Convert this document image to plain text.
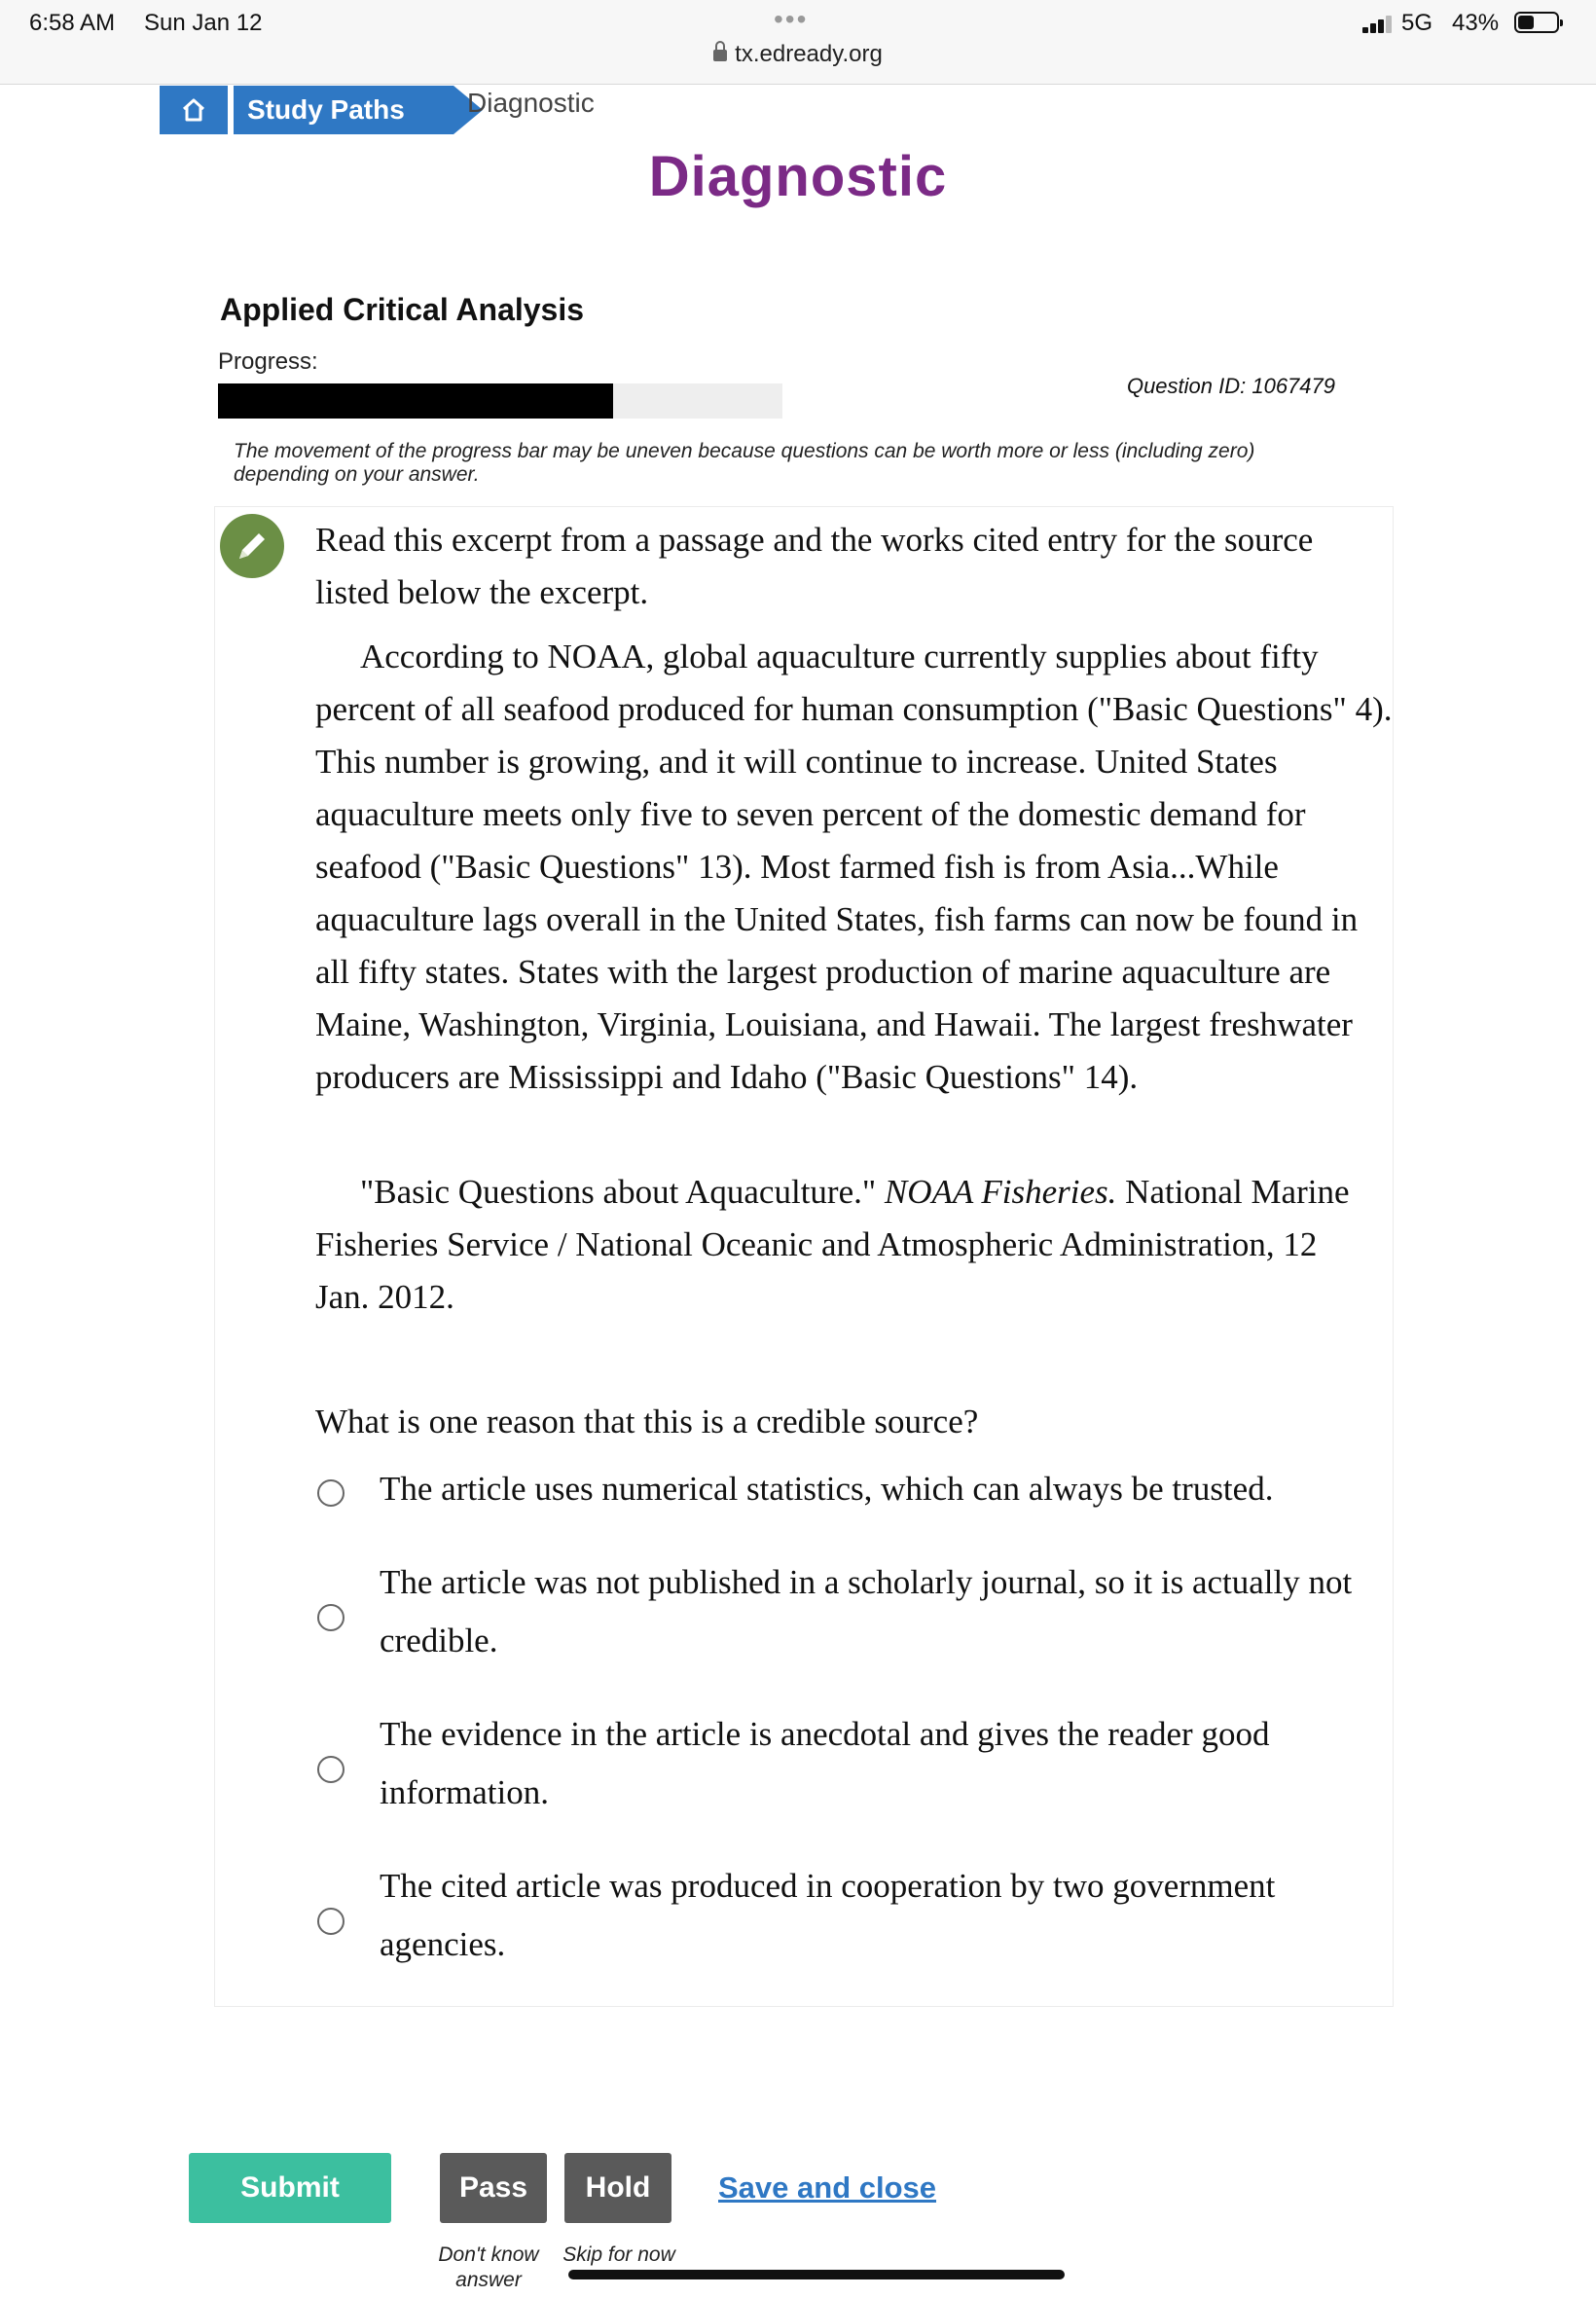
6:58 AM Sun Jan 12	•••
tx.edready.org
5G 43%
Study Paths	Diagnostic
Diagnostic
Applied Critical Analysis
Progress:
Question ID: 1067479
The movement of the progress bar may be uneven because questions can be worth more or less (including zero) depending on your answer.
Read this excerpt from a passage and the works cited entry for the source listed below the excerpt.
According to NOAA, global aquaculture currently supplies about fifty percent of all seafood produced for human consumption ("Basic Questions" 4). This number is growing, and it will continue to increase. United States aquaculture meets only five to seven percent of the domestic demand for seafood ("Basic Questions" 13). Most farmed fish is from Asia...While aquaculture lags overall in the United States, fish farms can now be found in all fifty states. States with the largest production of marine aquaculture are Maine, Washington, Virginia, Louisiana, and Hawaii. The largest freshwater producers are Mississippi and Idaho ("Basic Questions" 14).
"Basic Questions about Aquaculture." NOAA Fisheries. National Marine Fisheries Service / National Oceanic and Atmospheric Administration, 12 Jan. 2012.
What is one reason that this is a credible source?
The article uses numerical statistics, which can always be trusted.
The article was not published in a scholarly journal, so it is actually not credible.
The evidence in the article is anecdotal and gives the reader good information.
The cited article was produced in cooperation by two government agencies.
Submit	Pass	Hold	Save and close
Don't know answer
Skip for now
